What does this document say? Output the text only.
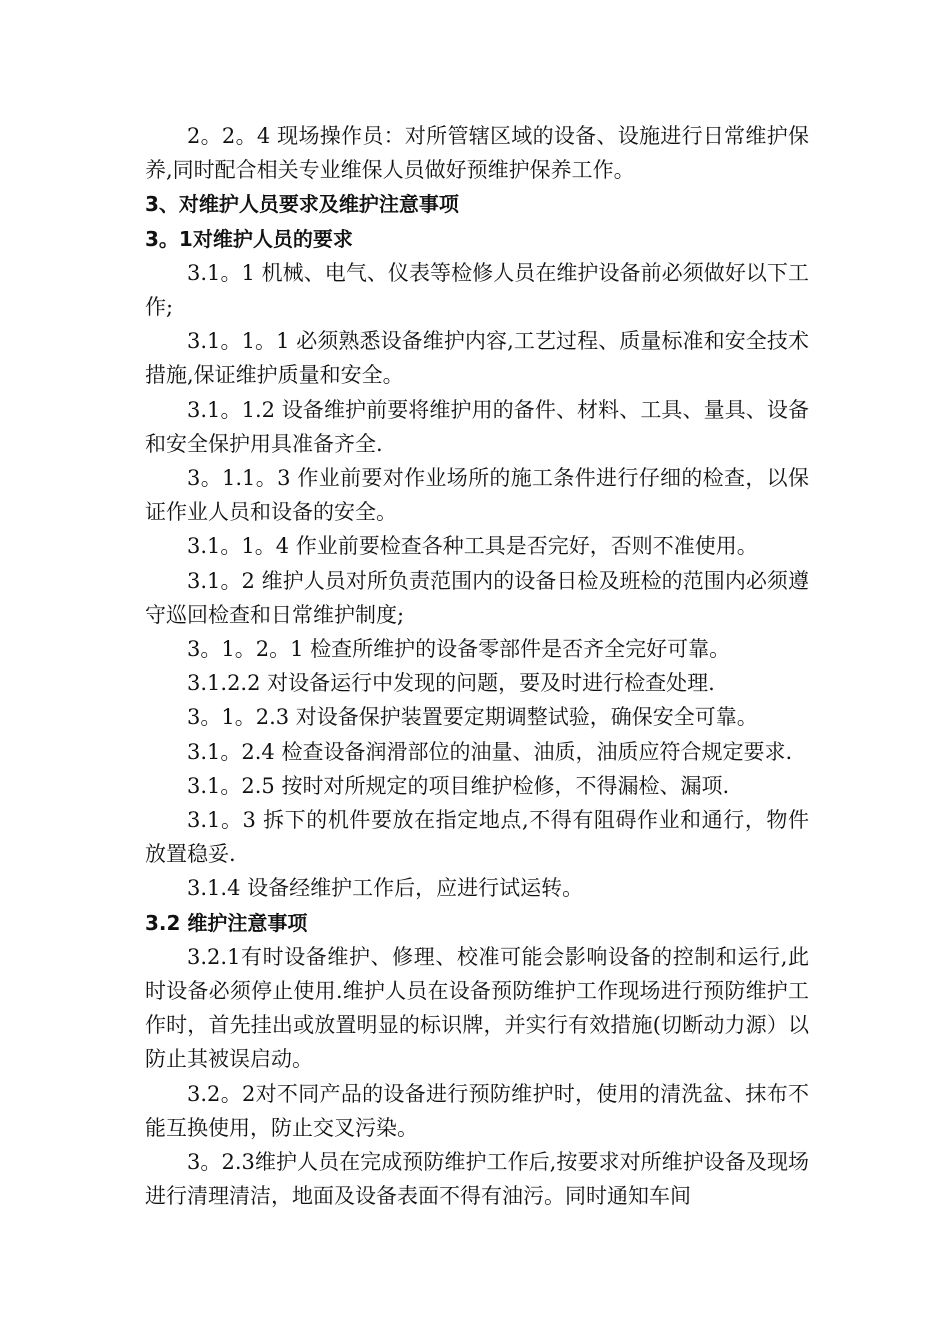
2。2。4 现场操作员：对所管辖区域的设备、设施进行日常维护保养,同时配合相关专业维保人员做好预维护保养工作。

3、对维护人员要求及维护注意事项

3。1对维护人员的要求

3.1。1 机械、电气、仪表等检修人员在维护设备前必须做好以下工作;

3.1。1。1 必须熟悉设备维护内容,工艺过程、质量标准和安全技术措施,保证维护质量和安全。

3.1。1.2 设备维护前要将维护用的备件、材料、工具、量具、设备和安全保护用具准备齐全.

3。1.1。3 作业前要对作业场所的施工条件进行仔细的检查，以保证作业人员和设备的安全。

3.1。1。4 作业前要检查各种工具是否完好，否则不准使用。

3.1。2 维护人员对所负责范围内的设备日检及班检的范围内必须遵守巡回检查和日常维护制度;

3。1。2。1 检查所维护的设备零部件是否齐全完好可靠。

3.1.2.2 对设备运行中发现的问题，要及时进行检查处理.

3。1。2.3 对设备保护装置要定期调整试验，确保安全可靠。

3.1。2.4 检查设备润滑部位的油量、油质，油质应符合规定要求.

3.1。2.5 按时对所规定的项目维护检修，不得漏检、漏项.

3.1。3 拆下的机件要放在指定地点,不得有阻碍作业和通行，物件放置稳妥.

3.1.4 设备经维护工作后，应进行试运转。

3.2 维护注意事项

3.2.1有时设备维护、修理、校准可能会影响设备的控制和运行,此时设备必须停止使用.维护人员在设备预防维护工作现场进行预防维护工作时，首先挂出或放置明显的标识牌，并实行有效措施(切断动力源）以防止其被误启动。

3.2。2对不同产品的设备进行预防维护时，使用的清洗盆、抹布不能互换使用，防止交叉污染。

3。2.3维护人员在完成预防维护工作后,按要求对所维护设备及现场进行清理清洁，地面及设备表面不得有油污。同时通知车间
